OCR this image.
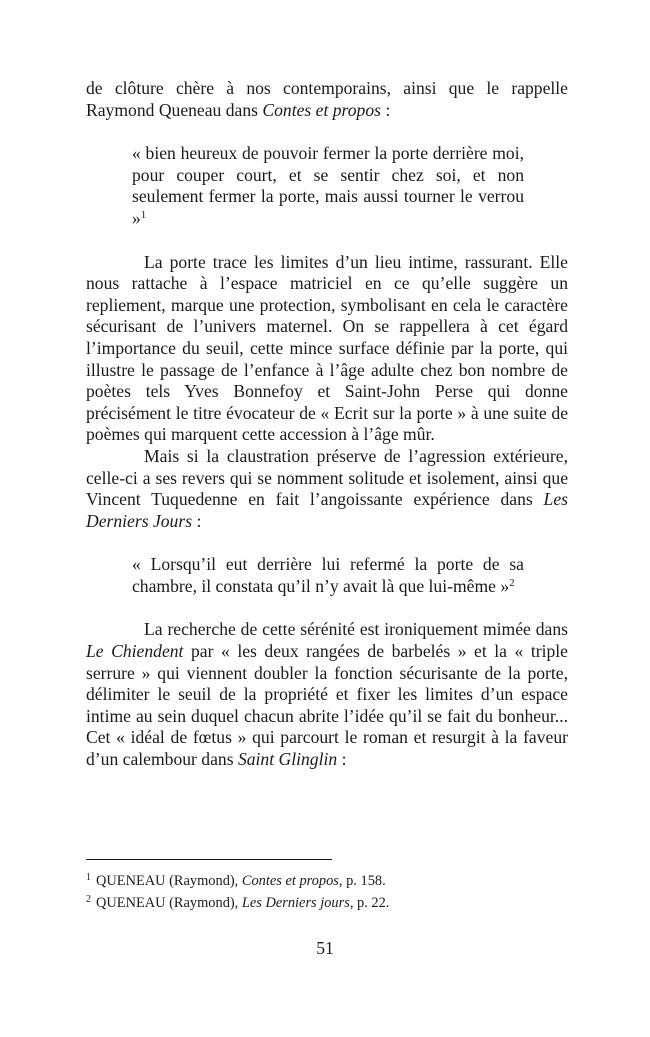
de clôture chère à nos contemporains, ainsi que le rappelle Raymond Queneau dans Contes et propos :

« bien heureux de pouvoir fermer la porte derrière moi, pour couper court, et se sentir chez soi, et non seulement fermer la porte, mais aussi tourner le verrou »$^1$

La porte trace les limites d’un lieu intime, rassurant. Elle nous rattache à l’espace matriciel en ce qu’elle suggère un repliement, marque une protection, symbolisant en cela le caractère sécurisant de l’univers maternel. On se rappellera à cet égard l’importance du seuil, cette mince surface définie par la porte, qui illustre le passage de l’enfance à l’âge adulte chez bon nombre de poètes tels Yves Bonnefoy et Saint-John Perse qui donne précisément le titre évocateur de « Ecrit sur la porte » à une suite de poèmes qui marquent cette accession à l’âge mûr.

Mais si la claustration préserve de l’agression extérieure, celle-ci a ses revers qui se nomment solitude et isolement, ainsi que Vincent Tuquedenne en fait l’angoissante expérience dans Les Derniers Jours :

« Lorsqu’il eut derrière lui refermé la porte de sa chambre, il constata qu’il n’y avait là que lui-même »$^2$

La recherche de cette sérénité est ironiquement mimée dans Le Chiendent par « les deux rangées de barbelés » et la « triple serrure » qui viennent doubler la fonction sécurisante de la porte, délimiter le seuil de la propriété et fixer les limites d’un espace intime au sein duquel chacun abrite l’idée qu’il se fait du bonheur... Cet « idéal de fœtus » qui parcourt le roman et resurgit à la faveur d’un calembour dans Saint Glinglin :

$^1$ QUENEAU (Raymond), Contes et propos, p. 158.

$^2$ QUENEAU (Raymond), Les Derniers jours, p. 22.

51
